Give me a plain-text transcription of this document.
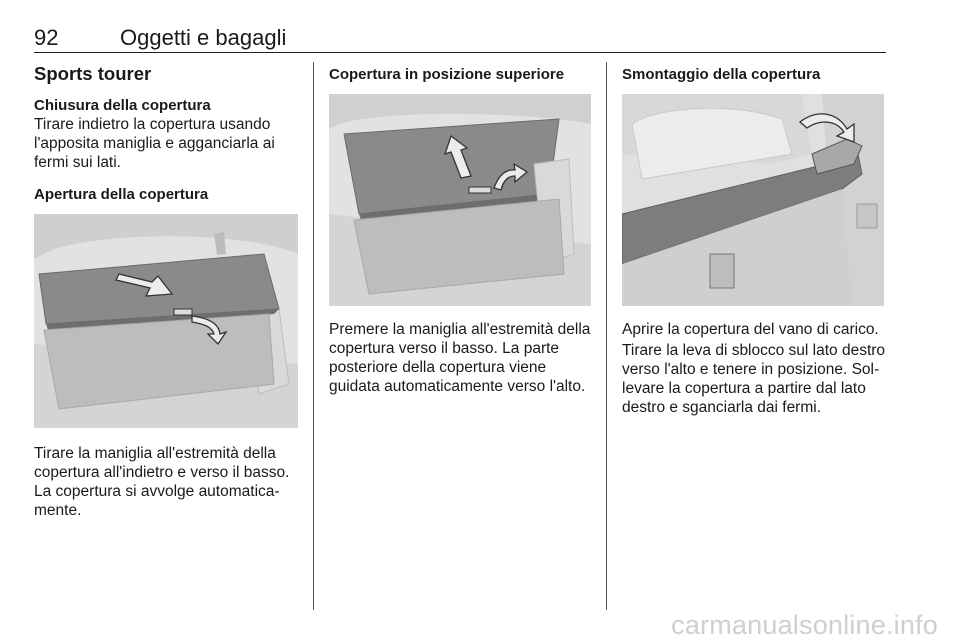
92	Oggetti e bagagli
Sports tourer
Chiusura della copertura

Tirare indietro la copertura usando l'apposita maniglia e agganciarla ai fermi sui lati.

Apertura della copertura

Tirare la maniglia all'estremità della copertura all'indietro e verso il basso. La copertura si avvolge automatica-mente.

Copertura in posizione superiore

Premere la maniglia all'estremità della copertura verso il basso. La parte posteriore della copertura viene guidata automaticamente verso l'alto.

Smontaggio della copertura

Aprire la copertura del vano di carico.

Tirare la leva di sblocco sul lato destro verso l'alto e tenere in posizione. Sol-levare la copertura a partire dal lato destro e sganciarla dai fermi.

carmanualsonline.info
